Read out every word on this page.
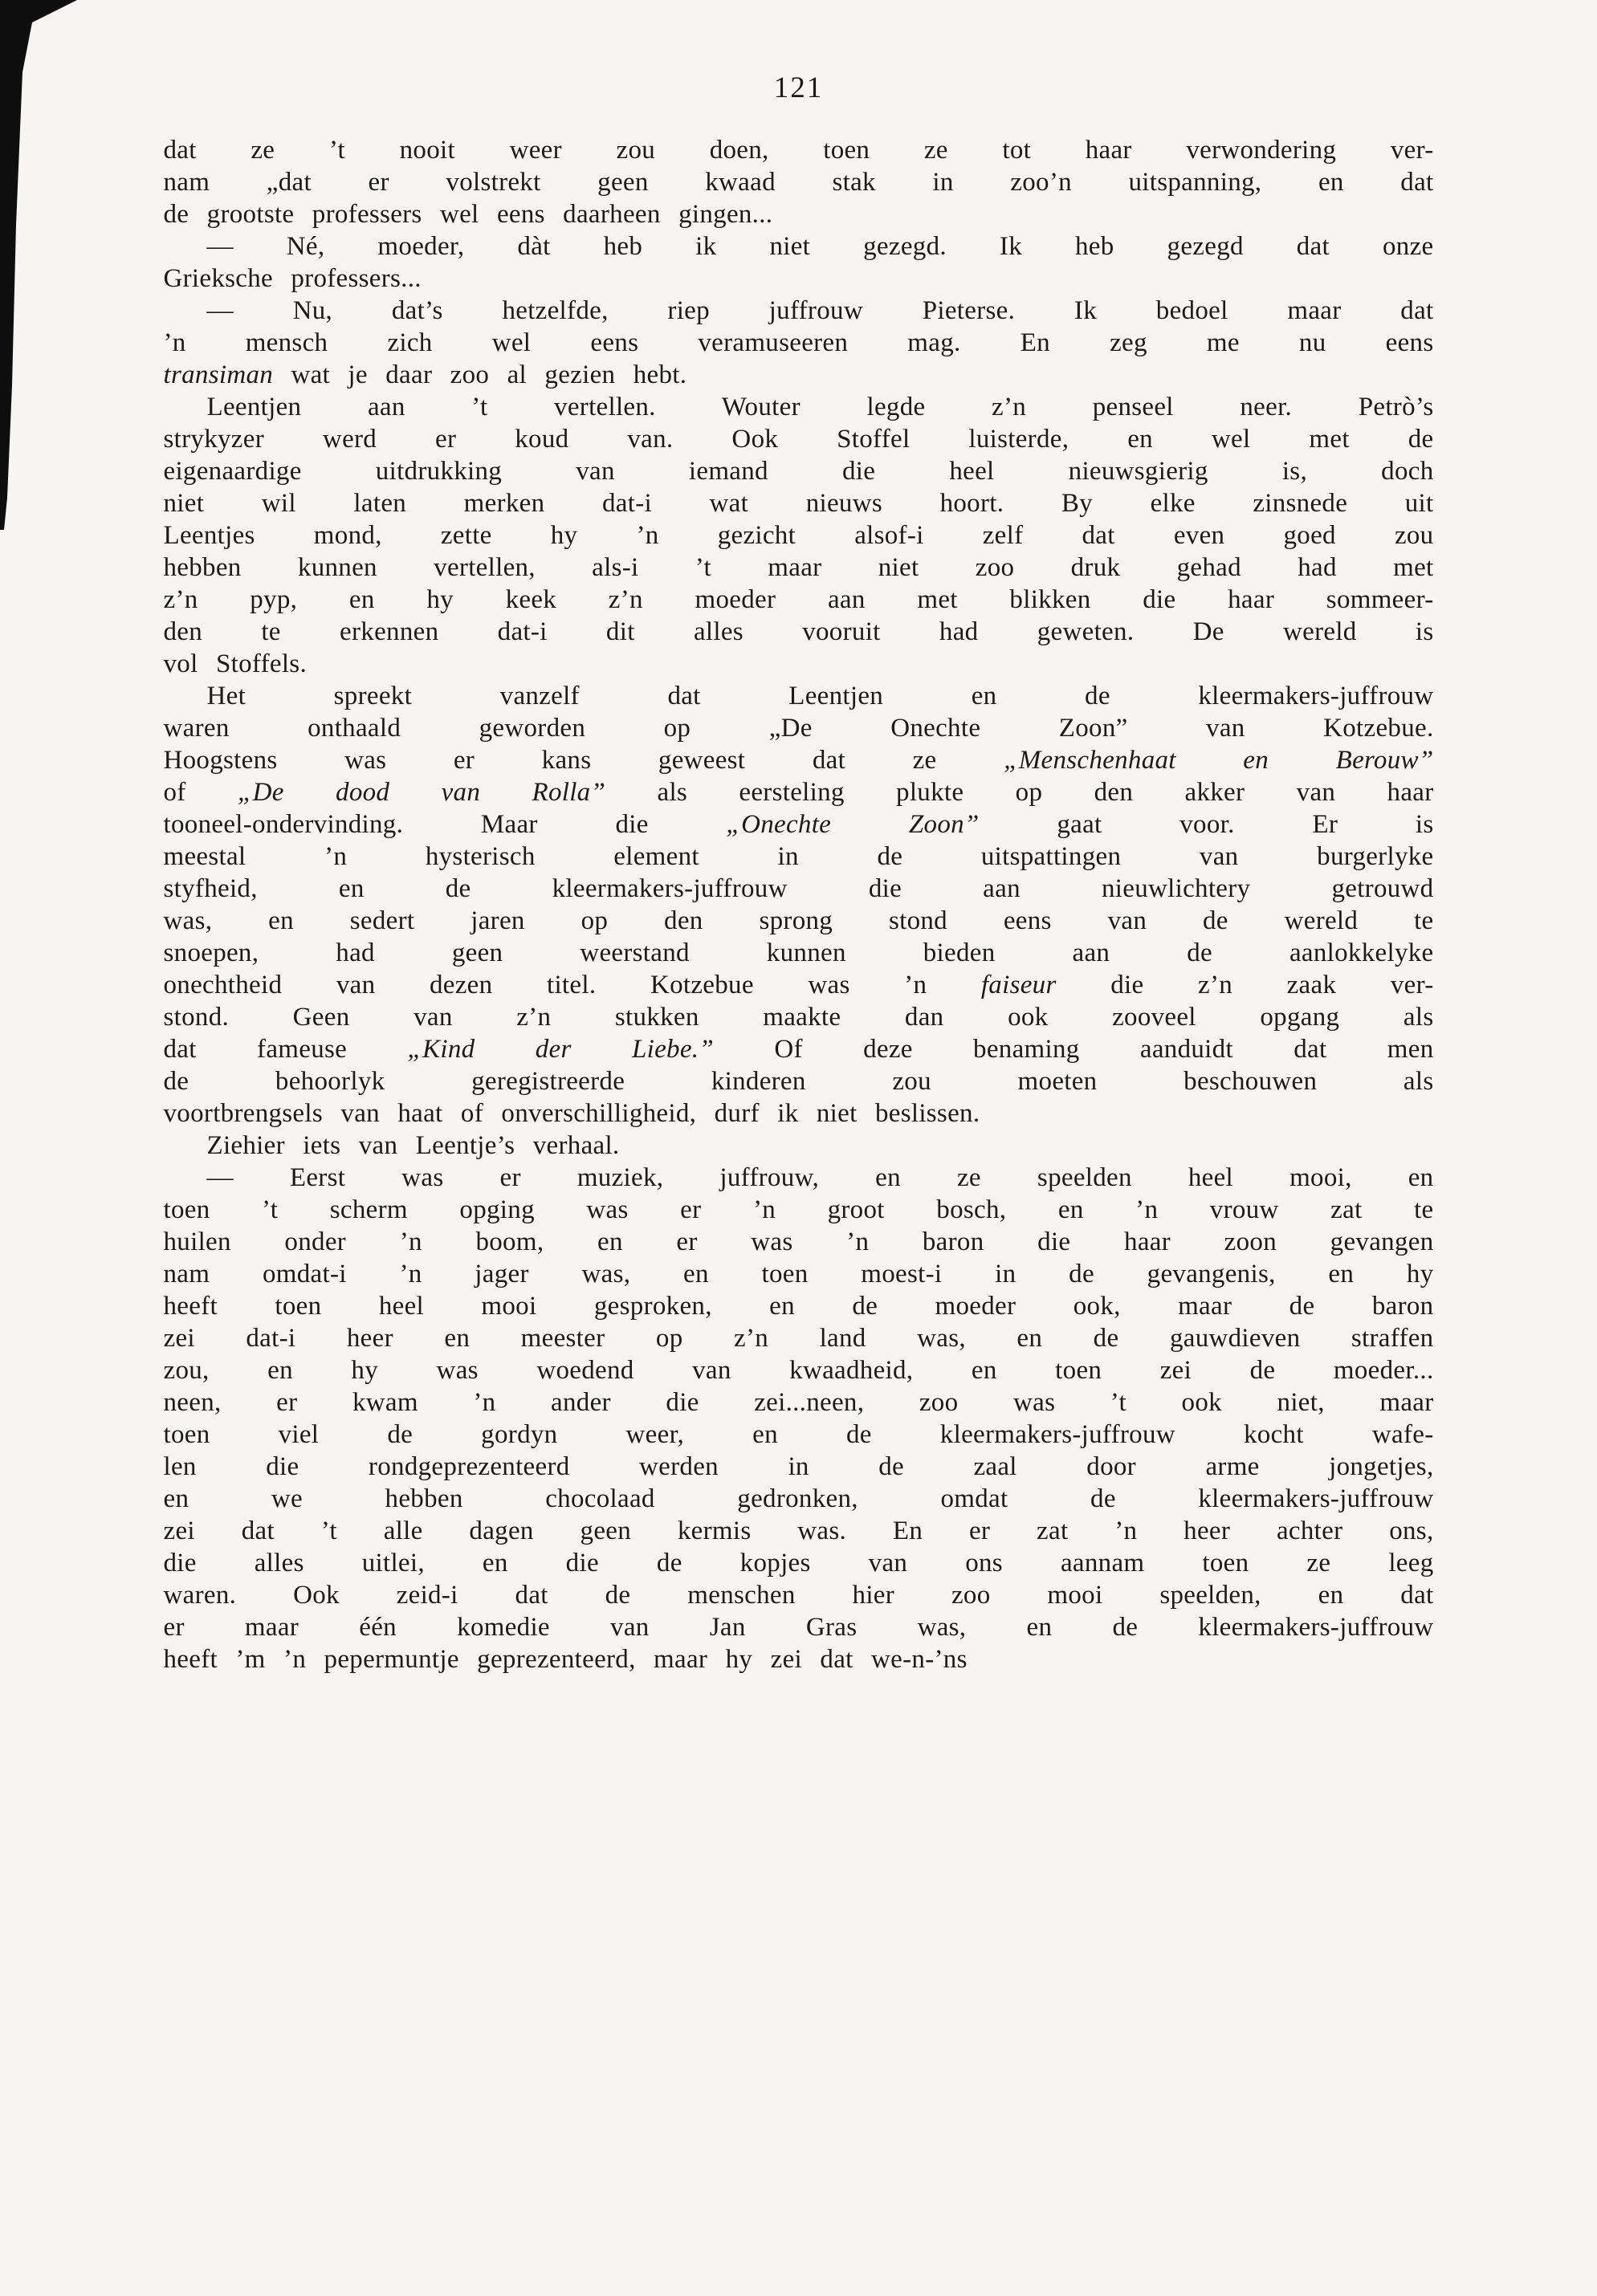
121
dat ze ’t nooit weer zou doen, toen ze tot haar verwondering ver-
nam „dat er volstrekt geen kwaad stak in zoo’n uitspanning, en dat
de grootste professers wel eens daarheen gingen...
— Né, moeder, dàt heb ik niet gezegd. Ik heb gezegd dat onze
Grieksche professers...
— Nu, dat’s hetzelfde, riep juffrouw Pieterse. Ik bedoel maar dat
’n mensch zich wel eens veramuseeren mag. En zeg me nu eens
transiman wat je daar zoo al gezien hebt.
Leentjen aan ’t vertellen. Wouter legde z’n penseel neer. Petrò’s
strykyzer werd er koud van. Ook Stoffel luisterde, en wel met de
eigenaardige uitdrukking van iemand die heel nieuwsgierig is, doch
niet wil laten merken dat-i wat nieuws hoort. By elke zinsnede uit
Leentjes mond, zette hy ’n gezicht alsof-i zelf dat even goed zou
hebben kunnen vertellen, als-i ’t maar niet zoo druk gehad had met
z’n pyp, en hy keek z’n moeder aan met blikken die haar sommeer-
den te erkennen dat-i dit alles vooruit had geweten. De wereld is
vol Stoffels.
Het spreekt vanzelf dat Leentjen en de kleermakers-juffrouw
waren onthaald geworden op „De Onechte Zoon” van Kotzebue.
Hoogstens was er kans geweest dat ze „Menschenhaat en Berouw”
of „De dood van Rolla” als eersteling plukte op den akker van haar
tooneel-ondervinding. Maar die „Onechte Zoon” gaat voor. Er is
meestal ’n hysterisch element in de uitspattingen van burgerlyke
styfheid, en de kleermakers-juffrouw die aan nieuwlichtery getrouwd
was, en sedert jaren op den sprong stond eens van de wereld te
snoepen, had geen weerstand kunnen bieden aan de aanlokkelyke
onechtheid van dezen titel. Kotzebue was ’n faiseur die z’n zaak ver-
stond. Geen van z’n stukken maakte dan ook zooveel opgang als
dat fameuse „Kind der Liebe.” Of deze benaming aanduidt dat men
de behoorlyk geregistreerde kinderen zou moeten beschouwen als
voortbrengsels van haat of onverschilligheid, durf ik niet beslissen.
Ziehier iets van Leentje’s verhaal.
— Eerst was er muziek, juffrouw, en ze speelden heel mooi, en
toen ’t scherm opging was er ’n groot bosch, en ’n vrouw zat te
huilen onder ’n boom, en er was ’n baron die haar zoon gevangen
nam omdat-i ’n jager was, en toen moest-i in de gevangenis, en hy
heeft toen heel mooi gesproken, en de moeder ook, maar de baron
zei dat-i heer en meester op z’n land was, en de gauwdieven straffen
zou, en hy was woedend van kwaadheid, en toen zei de moeder...
neen, er kwam ’n ander die zei...neen, zoo was ’t ook niet, maar
toen viel de gordyn weer, en de kleermakers-juffrouw kocht wafe-
len die rondgeprezenteerd werden in de zaal door arme jongetjes,
en we hebben chocolaad gedronken, omdat de kleermakers-juffrouw
zei dat ’t alle dagen geen kermis was. En er zat ’n heer achter ons,
die alles uitlei, en die de kopjes van ons aannam toen ze leeg
waren. Ook zeid-i dat de menschen hier zoo mooi speelden, en dat
er maar één komedie van Jan Gras was, en de kleermakers-juffrouw
heeft ’m ’n pepermuntje geprezenteerd, maar hy zei dat we-n-’ns
